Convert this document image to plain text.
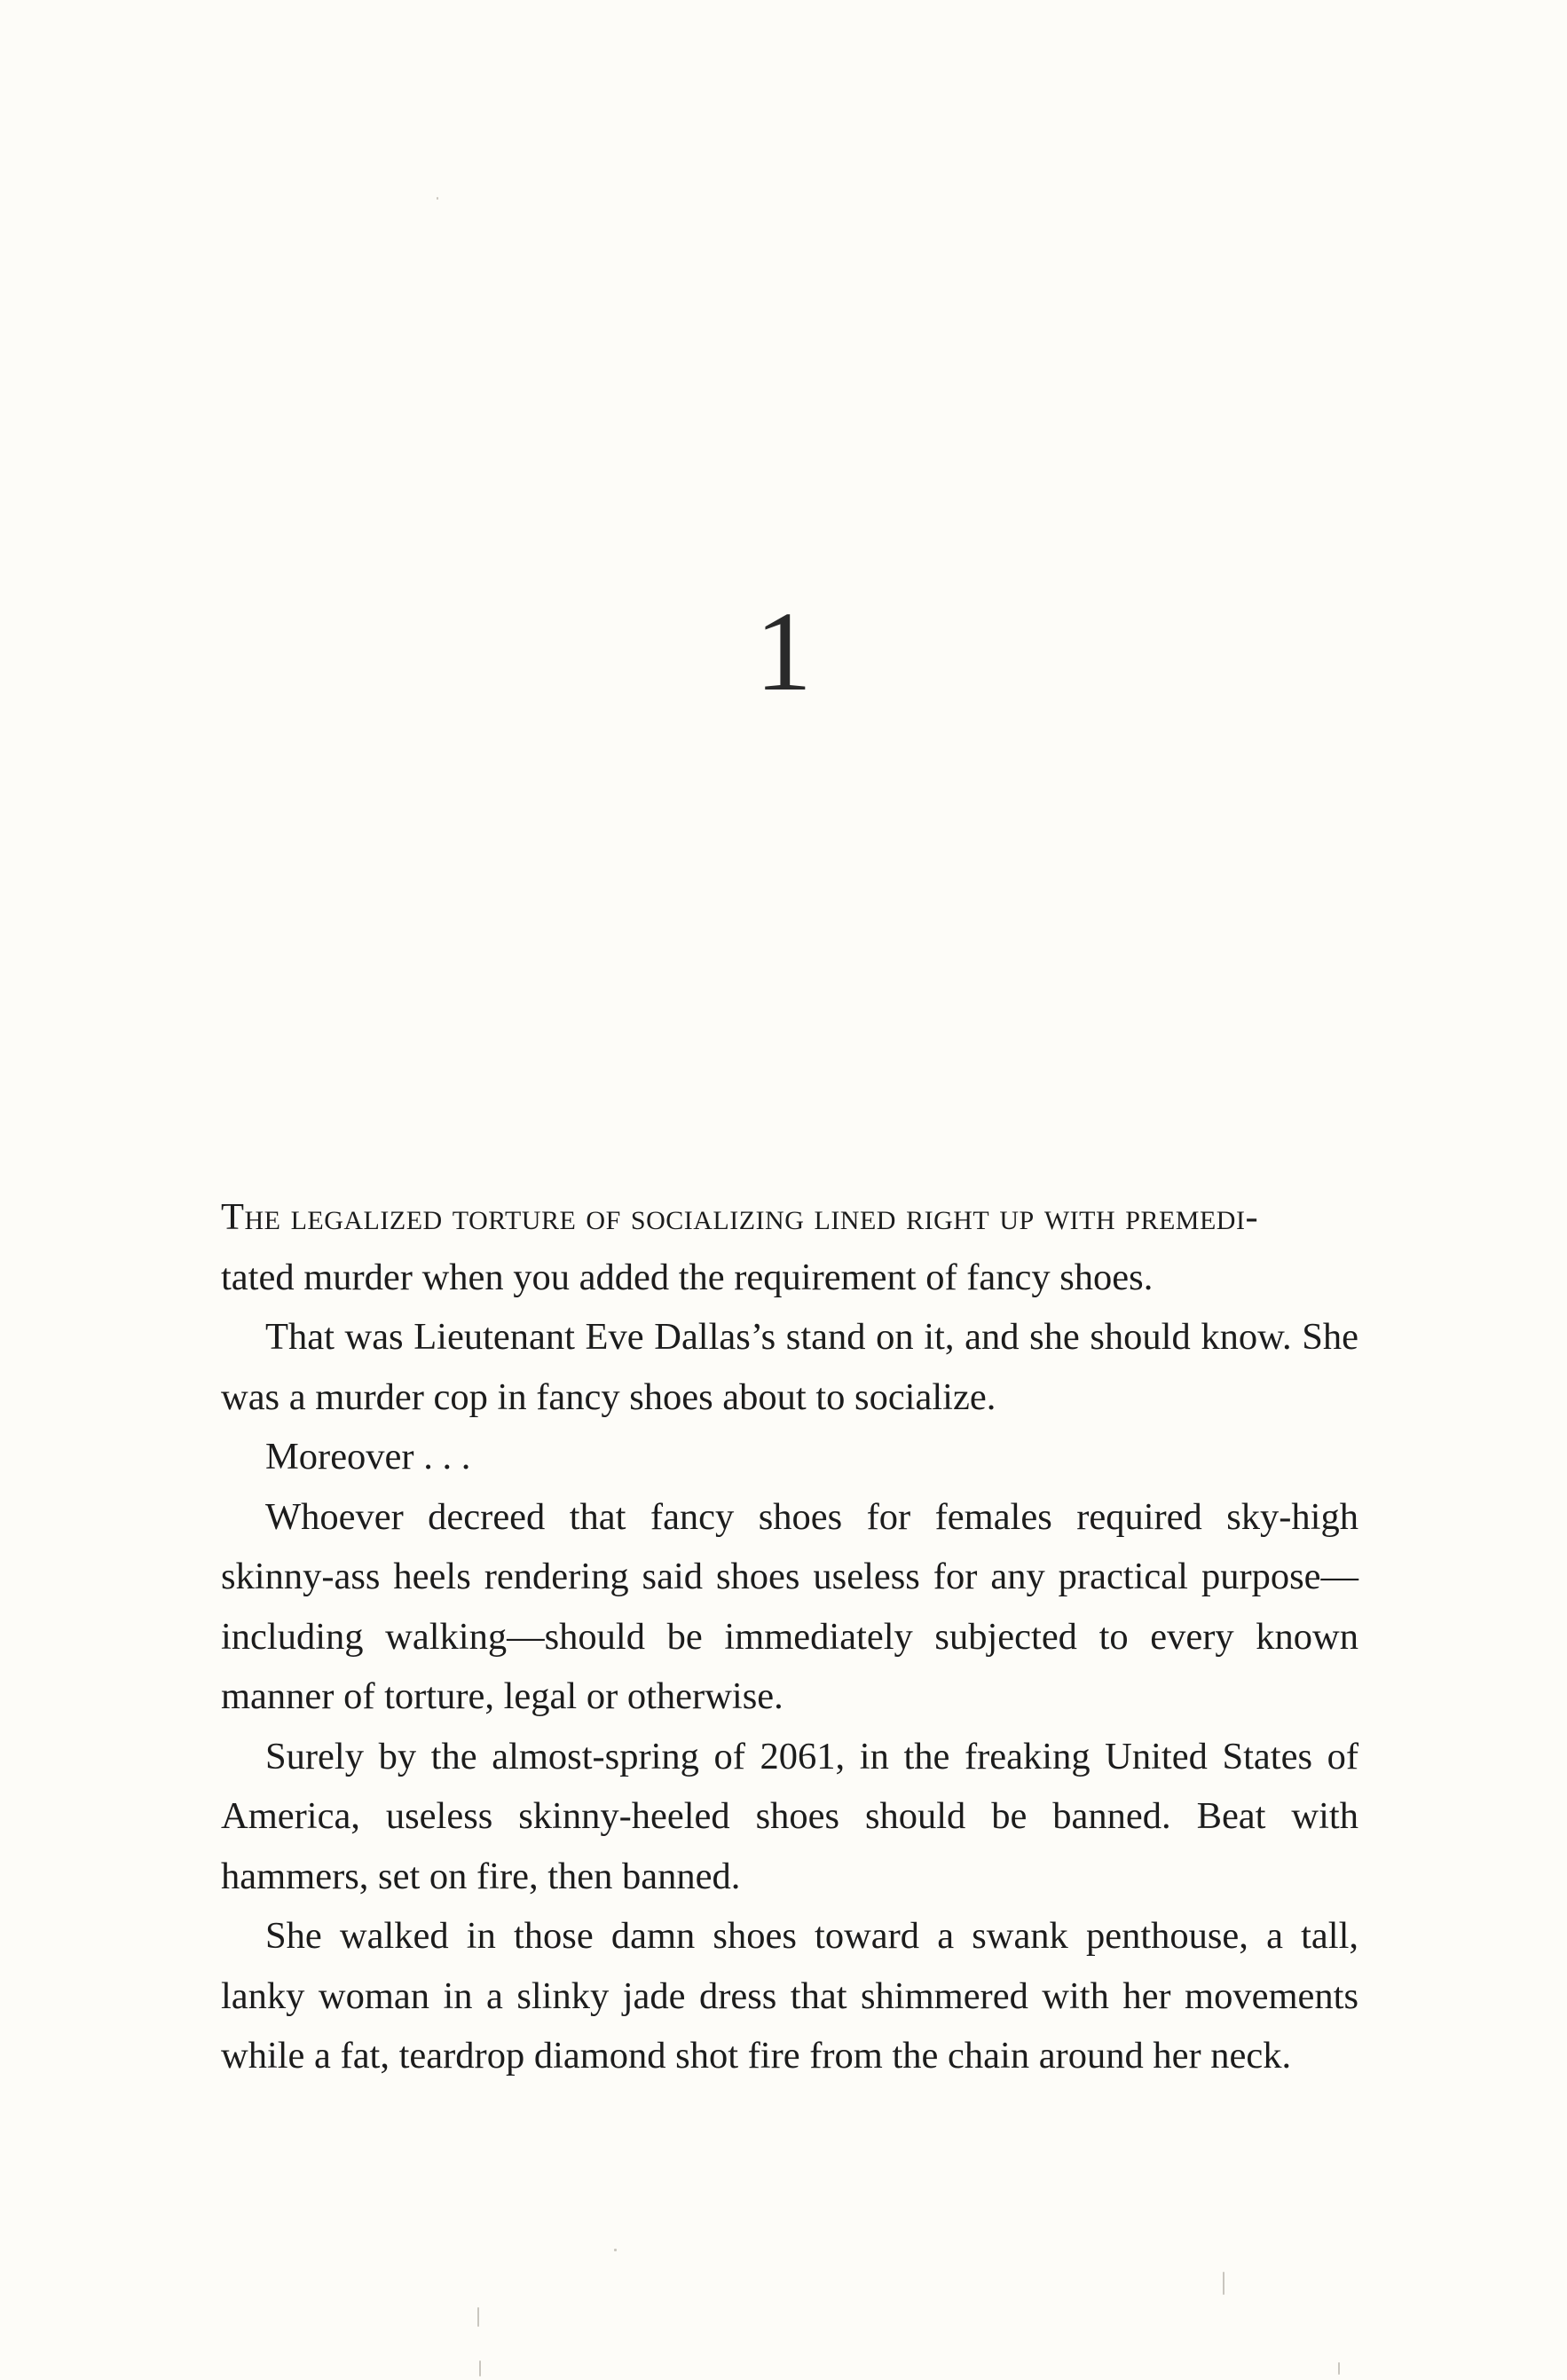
1

The legalized torture of socializing lined right up with premedi-
tated murder when you added the requirement of fancy shoes.

That was Lieutenant Eve Dallas’s stand on it, and she should know. She was a murder cop in fancy shoes about to socialize.

Moreover . . .

Whoever decreed that fancy shoes for females required sky-high skinny-ass heels rendering said shoes useless for any practical purpose—including walking—should be immediately subjected to every known manner of torture, legal or otherwise.

Surely by the almost-spring of 2061, in the freaking United States of America, useless skinny-heeled shoes should be banned. Beat with hammers, set on fire, then banned.

She walked in those damn shoes toward a swank penthouse, a tall, lanky woman in a slinky jade dress that shimmered with her movements while a fat, teardrop diamond shot fire from the chain around her neck.
